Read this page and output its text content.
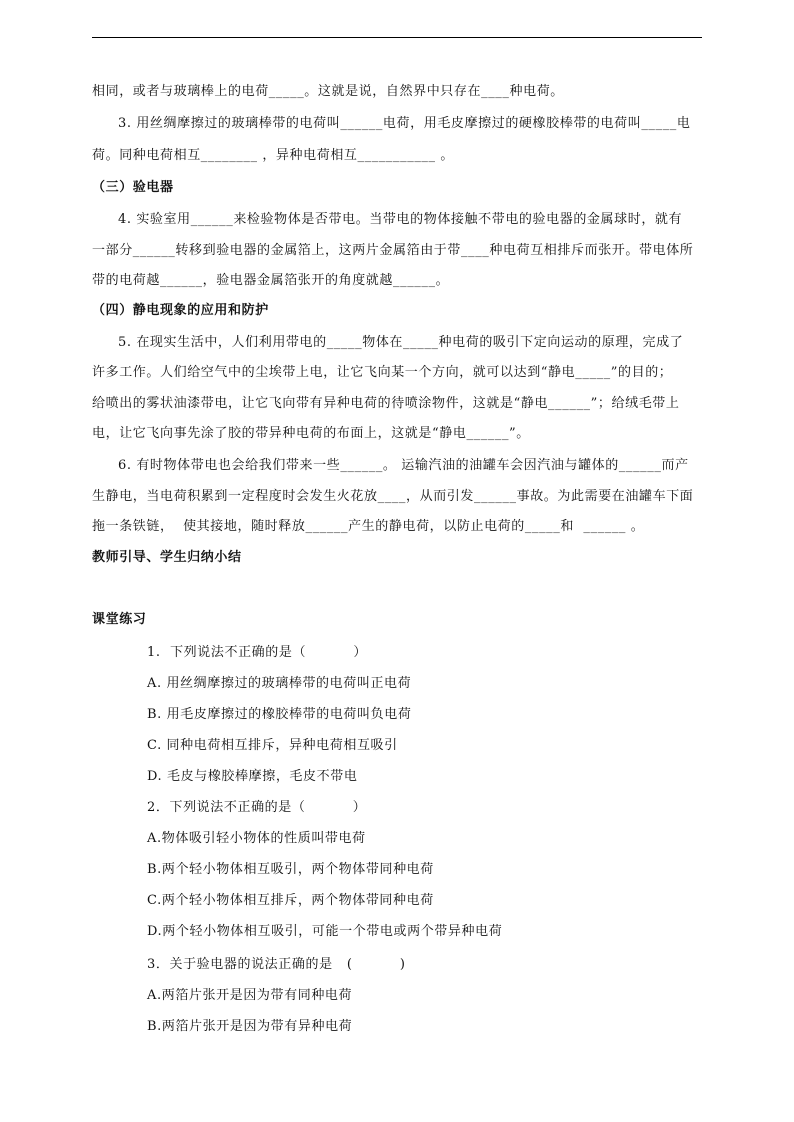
相同，或者与玻璃棒上的电荷_____。这就是说，自然界中只存在____种电荷。
3. 用丝绸摩擦过的玻璃棒带的电荷叫______电荷，用毛皮摩擦过的硬橡胶棒带的电荷叫_____电
荷。同种电荷相互________ ，异种电荷相互___________ 。
（三）验电器
4. 实验室用______来检验物体是否带电。当带电的物体接触不带电的验电器的金属球时，就有
一部分______转移到验电器的金属箔上，这两片金属箔由于带____种电荷互相排斥而张开。带电体所
带的电荷越______，验电器金属箔张开的角度就越______。
（四）静电现象的应用和防护
5. 在现实生活中，人们利用带电的_____物体在_____种电荷的吸引下定向运动的原理，完成了
许多工作。人们给空气中的尘埃带上电，让它飞向某一个方向，就可以达到“静电_____”的目的；
给喷出的雾状油漆带电，让它飞向带有异种电荷的待喷涂物件，这就是“静电______”；给绒毛带上
电，让它飞向事先涂了胶的带异种电荷的布面上，这就是“静电______”。
6. 有时物体带电也会给我们带来一些______。 运输汽油的油罐车会因汽油与罐体的______而产
生静电，当电荷积累到一定程度时会发生火花放____，从而引发______事故。为此需要在油罐车下面
拖一条铁链，  使其接地，随时释放______产生的静电荷，以防止电荷的_____和  ______ 。
教师引导、学生归纳小结
课堂练习
1.  下列说法不正确的是（          ）
A. 用丝绸摩擦过的玻璃棒带的电荷叫正电荷
B. 用毛皮摩擦过的橡胶棒带的电荷叫负电荷
C. 同种电荷相互排斥，异种电荷相互吸引
D. 毛皮与橡胶棒摩擦，毛皮不带电
2．下列说法不正确的是（          ）
A.物体吸引轻小物体的性质叫带电荷
B.两个轻小物体相互吸引，两个物体带同种电荷
C.两个轻小物体相互排斥，两个物体带同种电荷
D.两个轻小物体相互吸引，可能一个带电或两个带异种电荷
3．关于验电器的说法正确的是   (          )
A.两箔片张开是因为带有同种电荷
B.两箔片张开是因为带有异种电荷
